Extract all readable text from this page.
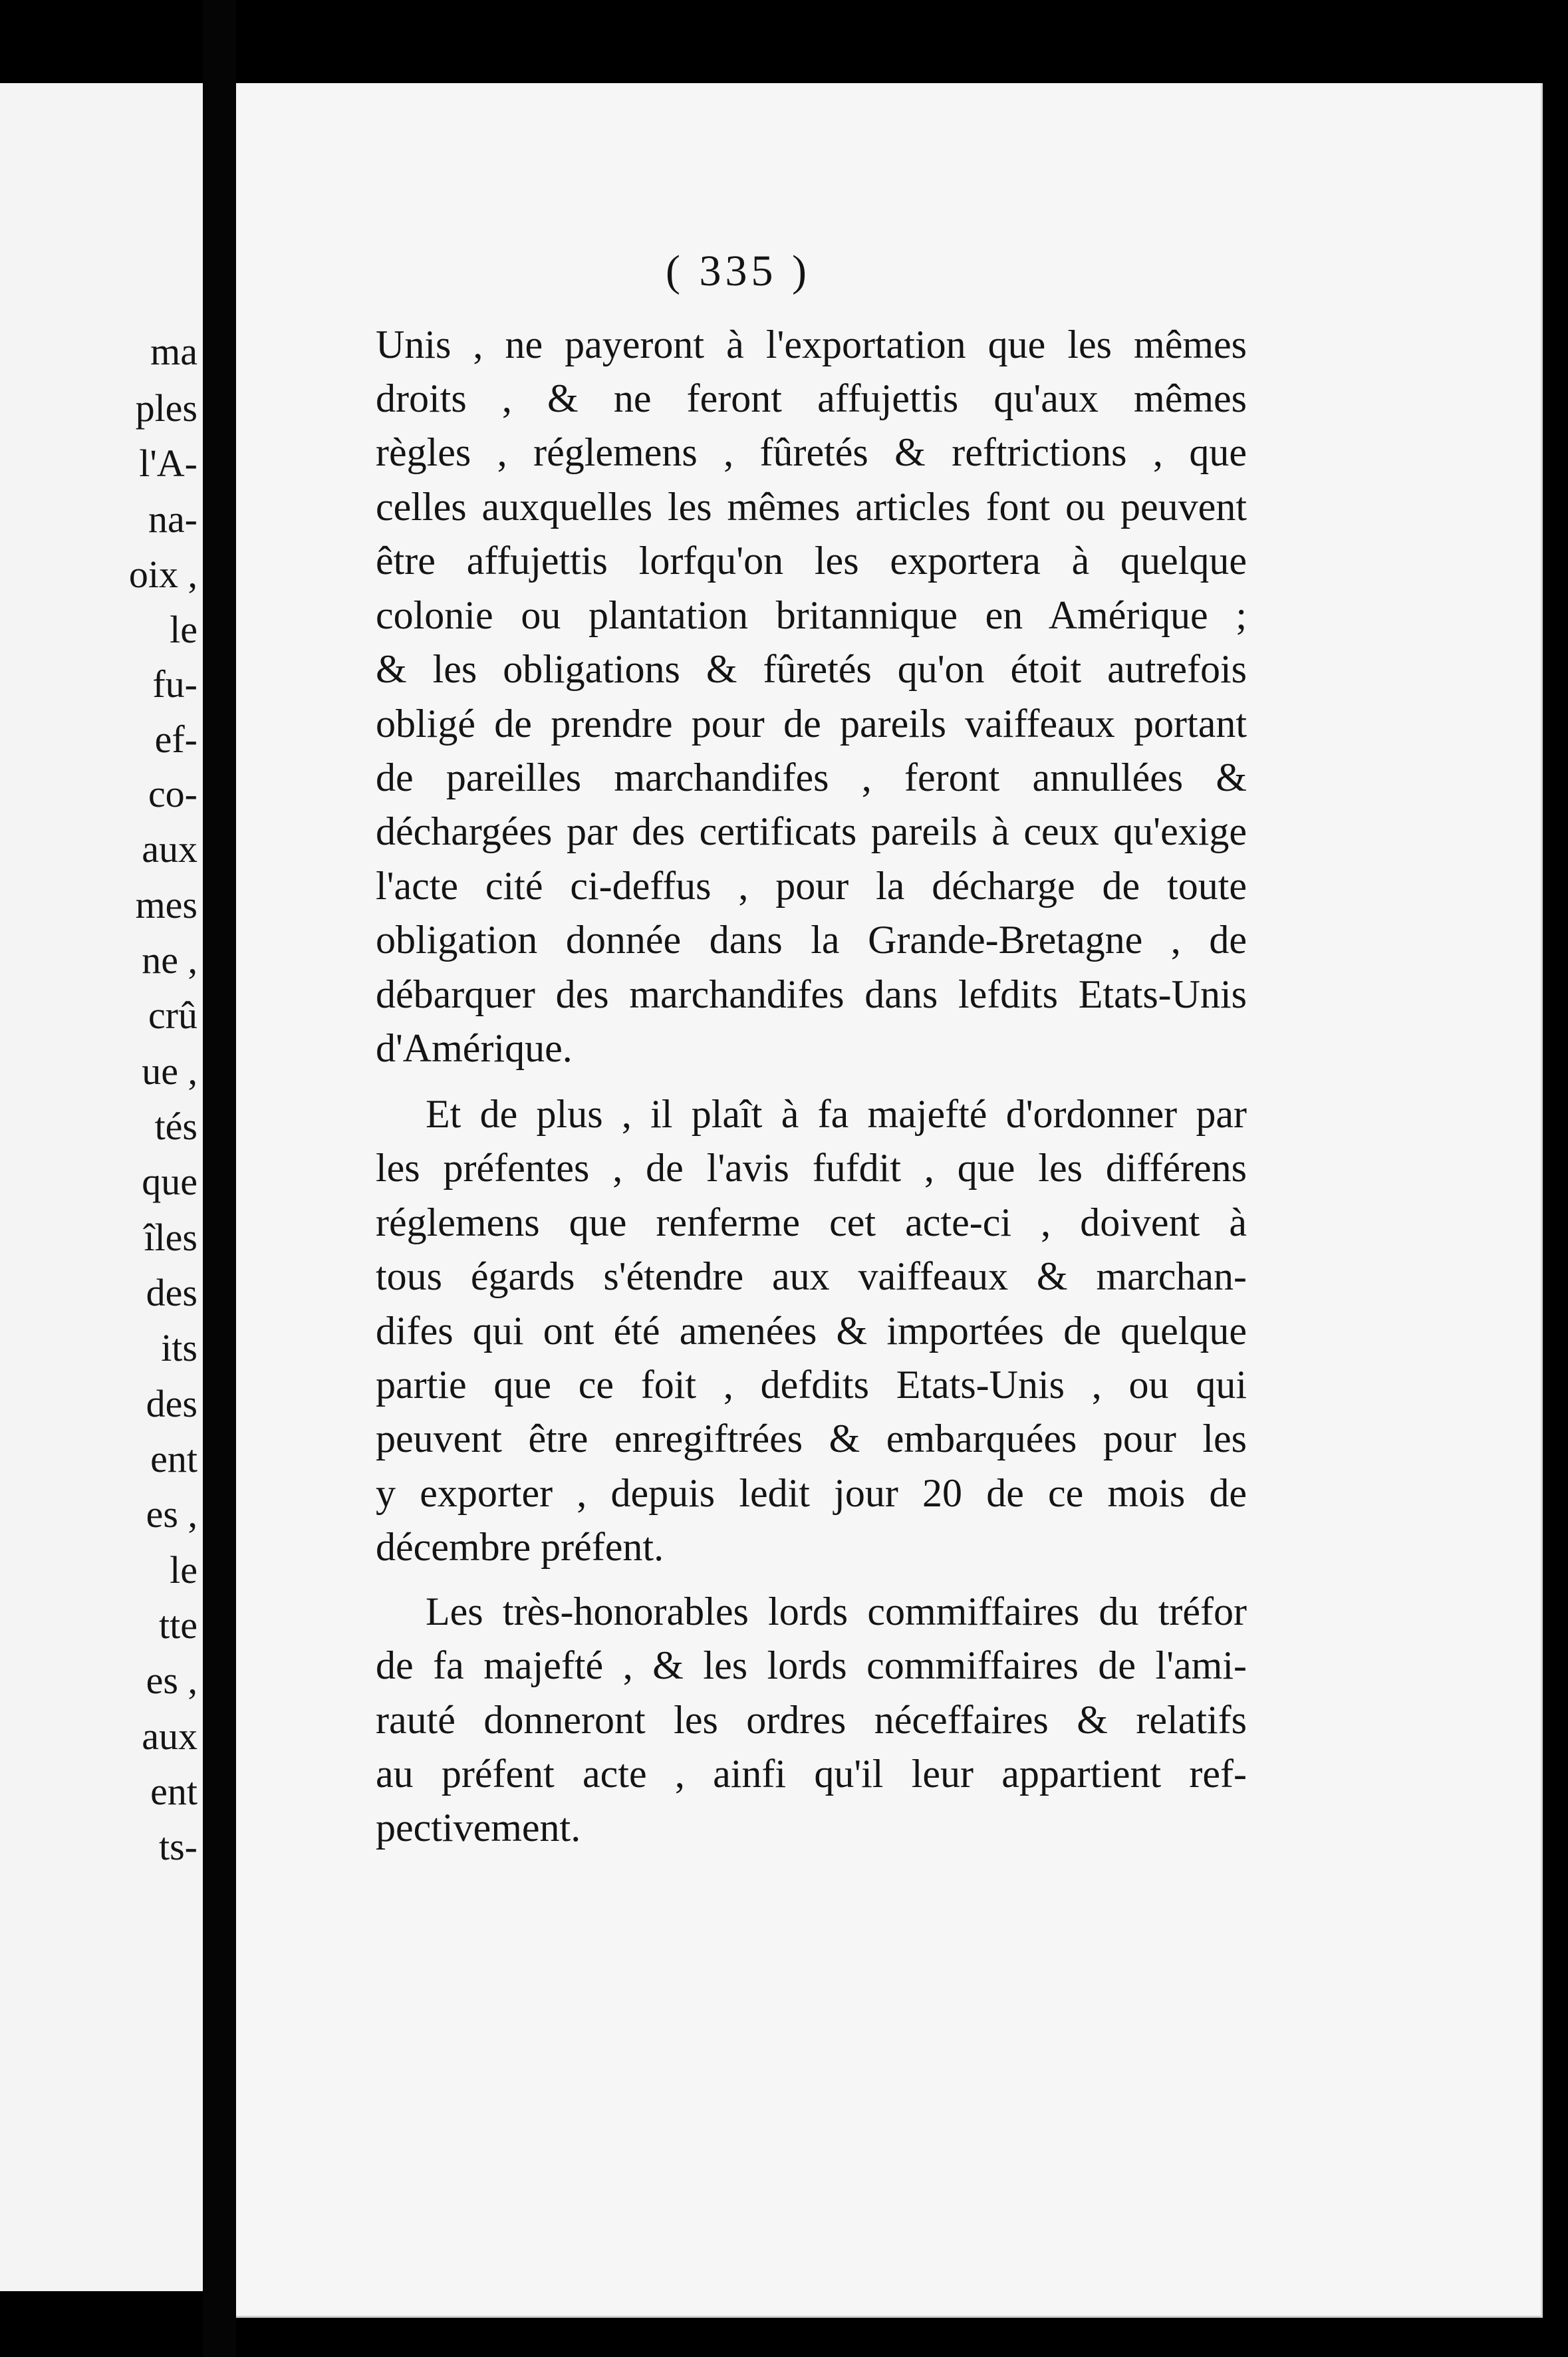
ma
ples
l'A-
na-
oix ,
le
fu-
ef-
co-
aux
mes
ne ,
crû
ue ,
tés
que
îles
des
its
des
ent
es ,
le
tte
es ,
aux
ent
ts-
( 335 )
Unis , ne payeront à l'exportation que les mêmes
droits , & ne feront affujettis qu'aux mêmes
règles , réglemens , fûretés & reftrictions , que
celles auxquelles les mêmes articles font ou peuvent
être affujettis lorfqu'on les exportera à quelque
colonie ou plantation britannique en Amérique ;
& les obligations & fûretés qu'on étoit autrefois
obligé de prendre pour de pareils vaiffeaux portant
de pareilles marchandifes , feront annullées &
déchargées par des certificats pareils à ceux qu'exige
l'acte cité ci-deffus , pour la décharge de toute
obligation donnée dans la Grande-Bretagne , de
débarquer des marchandifes dans lefdits Etats-Unis
d'Amérique.
Et de plus , il plaît à fa majefté d'ordonner par
les préfentes , de l'avis fufdit , que les différens
réglemens que renferme cet acte-ci , doivent à
tous égards s'étendre aux vaiffeaux & marchan-
difes qui ont été amenées & importées de quelque
partie que ce foit , defdits Etats-Unis , ou qui
peuvent être enregiftrées & embarquées pour les
y exporter , depuis ledit jour 20 de ce mois de
décembre préfent.
Les très-honorables lords commiffaires du tréfor
de fa majefté , & les lords commiffaires de l'ami-
rauté donneront les ordres néceffaires & relatifs
au préfent acte , ainfi qu'il leur appartient ref-
pectivement.
